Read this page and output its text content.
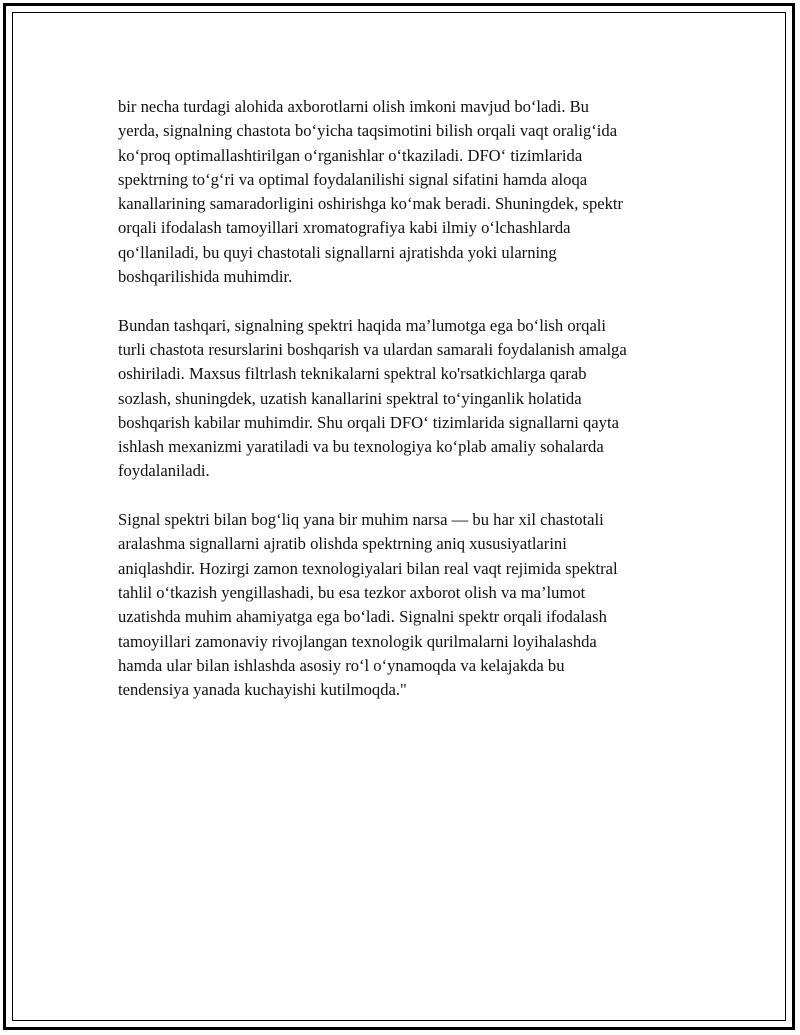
bir necha turdagi alohida axborotlarni olish imkoni mavjud bo‘ladi. Bu
yerda, signalning chastota bo‘yicha taqsimotini bilish orqali vaqt oralig‘ida
ko‘proq optimallashtirilgan o‘rganishlar o‘tkaziladi. DFO‘ tizimlarida
spektrning to‘g‘ri va optimal foydalanilishi signal sifatini hamda aloqa
kanallarining samaradorligini oshirishga ko‘mak beradi. Shuningdek, spektr
orqali ifodalash tamoyillari xromatografiya kabi ilmiy o‘lchashlarda
qo‘llaniladi, bu quyi chastotali signallarni ajratishda yoki ularning
boshqarilishida muhimdir.

Bundan tashqari, signalning spektri haqida ma’lumotga ega bo‘lish orqali
turli chastota resurslarini boshqarish va ulardan samarali foydalanish amalga
oshiriladi. Maxsus filtrlash teknikalarni spektral ko'rsatkichlarga qarab
sozlash, shuningdek, uzatish kanallarini spektral to‘yinganlik holatida
boshqarish kabilar muhimdir. Shu orqali DFO‘ tizimlarida signallarni qayta
ishlash mexanizmi yaratiladi va bu texnologiya ko‘plab amaliy sohalarda
foydalaniladi.

Signal spektri bilan bog‘liq yana bir muhim narsa — bu har xil chastotali
aralashma signallarni ajratib olishda spektrning aniq xususiyatlarini
aniqlashdir. Hozirgi zamon texnologiyalari bilan real vaqt rejimida spektral
tahlil o‘tkazish yengillashadi, bu esa tezkor axborot olish va ma’lumot
uzatishda muhim ahamiyatga ega bo‘ladi. Signalni spektr orqali ifodalash
tamoyillari zamonaviy rivojlangan texnologik qurilmalarni loyihalashda
hamda ular bilan ishlashda asosiy ro‘l o‘ynamoqda va kelajakda bu
tendensiya yanada kuchayishi kutilmoqda."
